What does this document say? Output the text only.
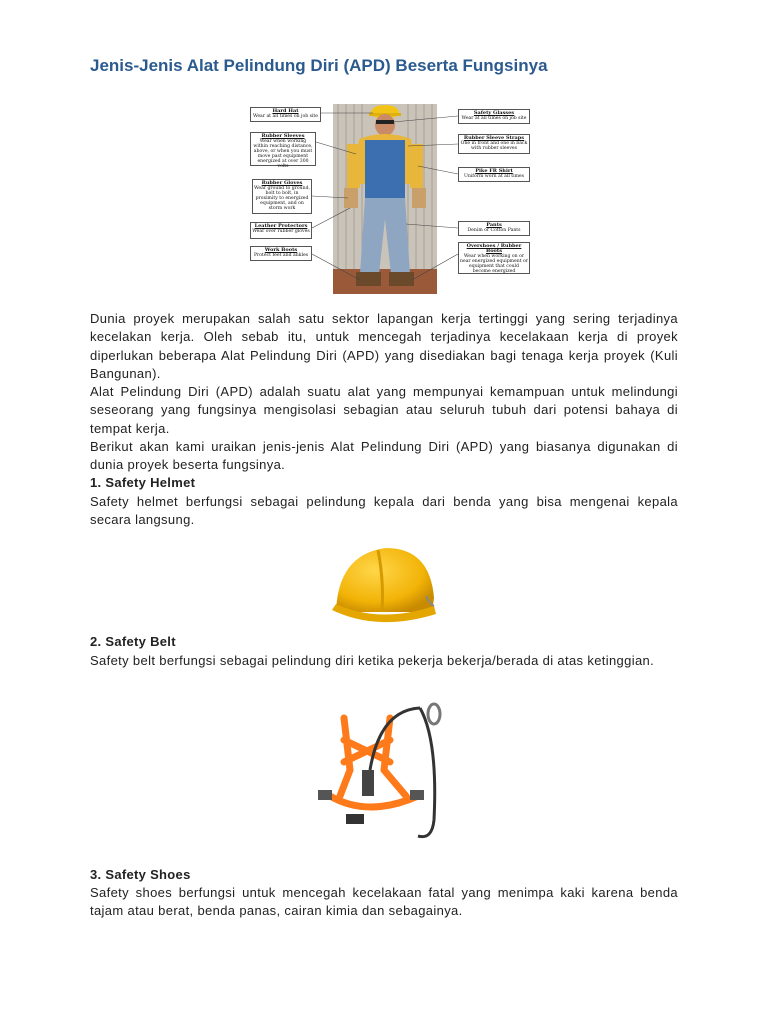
Jenis-Jenis Alat Pelindung Diri (APD) Beserta Fungsinya
Hard Hat
Wear at all times on job site
Rubber Sleeves
Wear when working within reaching distance, above, or when you must move past equipment energized at over 300 volts
Rubber Gloves
Wear ground to ground, bolt to bolt, in proximity to energized equipment, and on storm work
Leather Protectors
Wear over rubber gloves
Work Boots
Protect feet and ankles
Safety Glasses
Wear at all times on job site
Rubber Sleeve Straps
One in front and one in back with rubber sleeves
Pike FR Shirt
Uniform worn at all times
Pants
Denim or Cotton Pants
Overshoes / Rubber Boots
Wear when working on or near energized equipment or equipment that could become energized

Dunia proyek merupakan salah satu sektor lapangan kerja tertinggi yang sering terjadinya kecelakan kerja. Oleh sebab itu, untuk mencegah terjadinya kecelakaan kerja di proyek diperlukan beberapa Alat Pelindung Diri (APD) yang disediakan bagi tenaga kerja proyek (Kuli Bangunan).

Alat Pelindung Diri (APD) adalah suatu alat yang mempunyai kemampuan untuk melindungi seseorang yang fungsinya mengisolasi sebagian atau seluruh tubuh dari potensi bahaya di tempat kerja.

Berikut akan kami uraikan jenis-jenis Alat Pelindung Diri (APD) yang biasanya digunakan di dunia proyek beserta fungsinya.

1. Safety Helmet

Safety helmet berfungsi sebagai pelindung kepala dari benda yang bisa mengenai kepala secara langsung.

2. Safety Belt

Safety belt berfungsi sebagai pelindung diri ketika pekerja bekerja/berada di atas ketinggian.

3. Safety Shoes

Safety shoes berfungsi untuk mencegah kecelakaan fatal yang menimpa kaki karena benda tajam atau berat, benda panas, cairan kimia dan sebagainya.
